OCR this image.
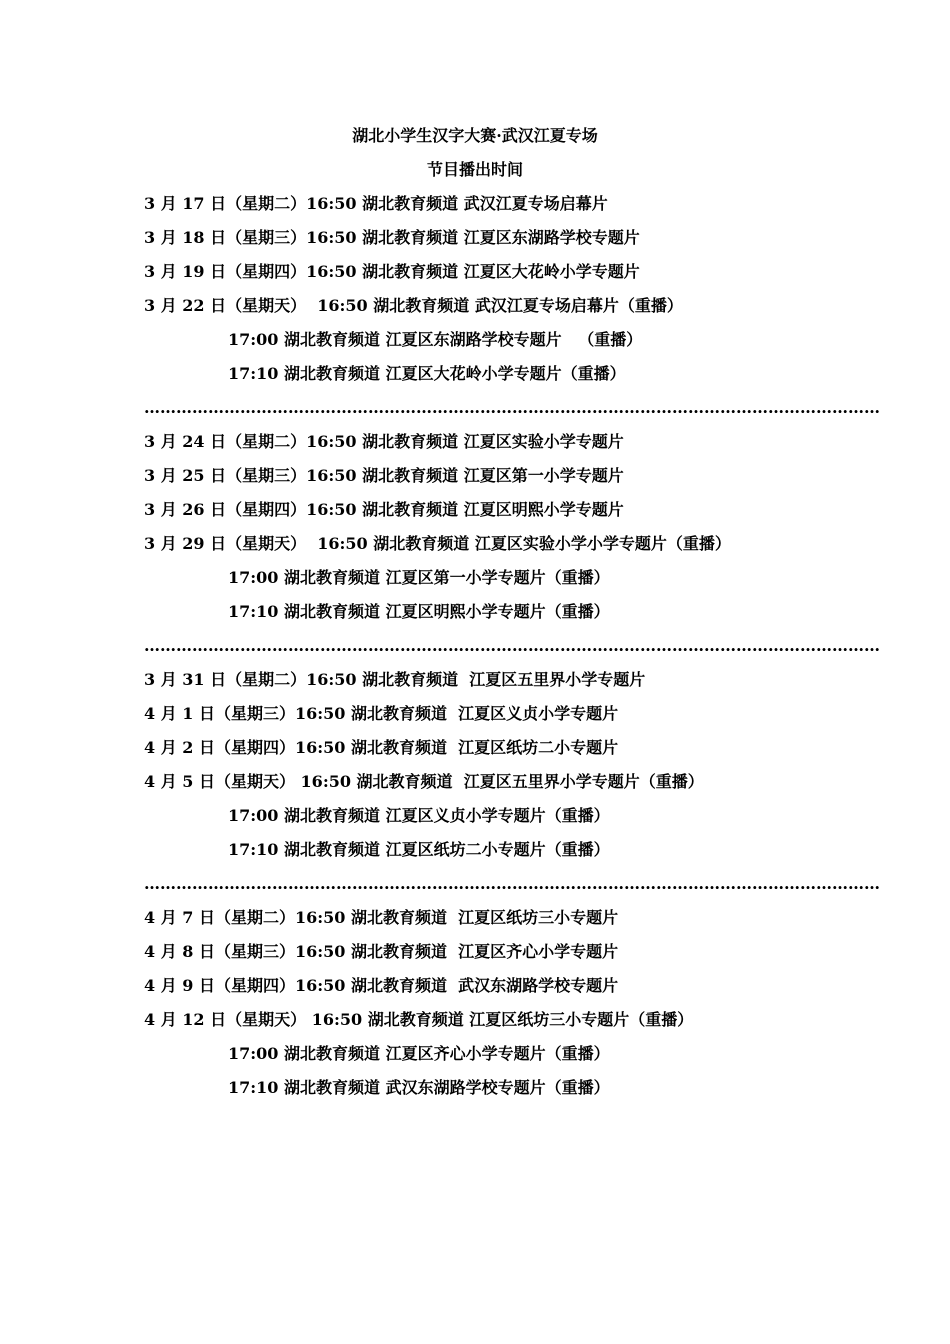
湖北小学生汉字大赛·武汉江夏专场
节目播出时间
3 月 17 日（星期二）16:50 湖北教育频道 武汉江夏专场启幕片
3 月 18 日（星期三）16:50 湖北教育频道 江夏区东湖路学校专题片
3 月 19 日（星期四）16:50 湖北教育频道 江夏区大花岭小学专题片
3 月 22 日（星期天）  16:50 湖北教育频道 武汉江夏专场启幕片（重播）
17:00 湖北教育频道 江夏区东湖路学校专题片   （重播）
17:10 湖北教育频道 江夏区大花岭小学专题片（重播）
…………………………………………………………………………………………………………………………
3 月 24 日（星期二）16:50 湖北教育频道 江夏区实验小学专题片
3 月 25 日（星期三）16:50 湖北教育频道 江夏区第一小学专题片
3 月 26 日（星期四）16:50 湖北教育频道 江夏区明熙小学专题片
3 月 29 日（星期天）  16:50 湖北教育频道 江夏区实验小学小学专题片（重播）
17:00 湖北教育频道 江夏区第一小学专题片（重播）
17:10 湖北教育频道 江夏区明熙小学专题片（重播）
…………………………………………………………………………………………………………………………
3 月 31 日（星期二）16:50 湖北教育频道  江夏区五里界小学专题片
4 月 1 日（星期三）16:50 湖北教育频道  江夏区义贞小学专题片
4 月 2 日（星期四）16:50 湖北教育频道  江夏区纸坊二小专题片
4 月 5 日（星期天） 16:50 湖北教育频道  江夏区五里界小学专题片（重播）
17:00 湖北教育频道 江夏区义贞小学专题片（重播）
17:10 湖北教育频道 江夏区纸坊二小专题片（重播）
…………………………………………………………………………………………………………………………
4 月 7 日（星期二）16:50 湖北教育频道  江夏区纸坊三小专题片
4 月 8 日（星期三）16:50 湖北教育频道  江夏区齐心小学专题片
4 月 9 日（星期四）16:50 湖北教育频道  武汉东湖路学校专题片
4 月 12 日（星期天） 16:50 湖北教育频道 江夏区纸坊三小专题片（重播）
17:00 湖北教育频道 江夏区齐心小学专题片（重播）
17:10 湖北教育频道 武汉东湖路学校专题片（重播）
